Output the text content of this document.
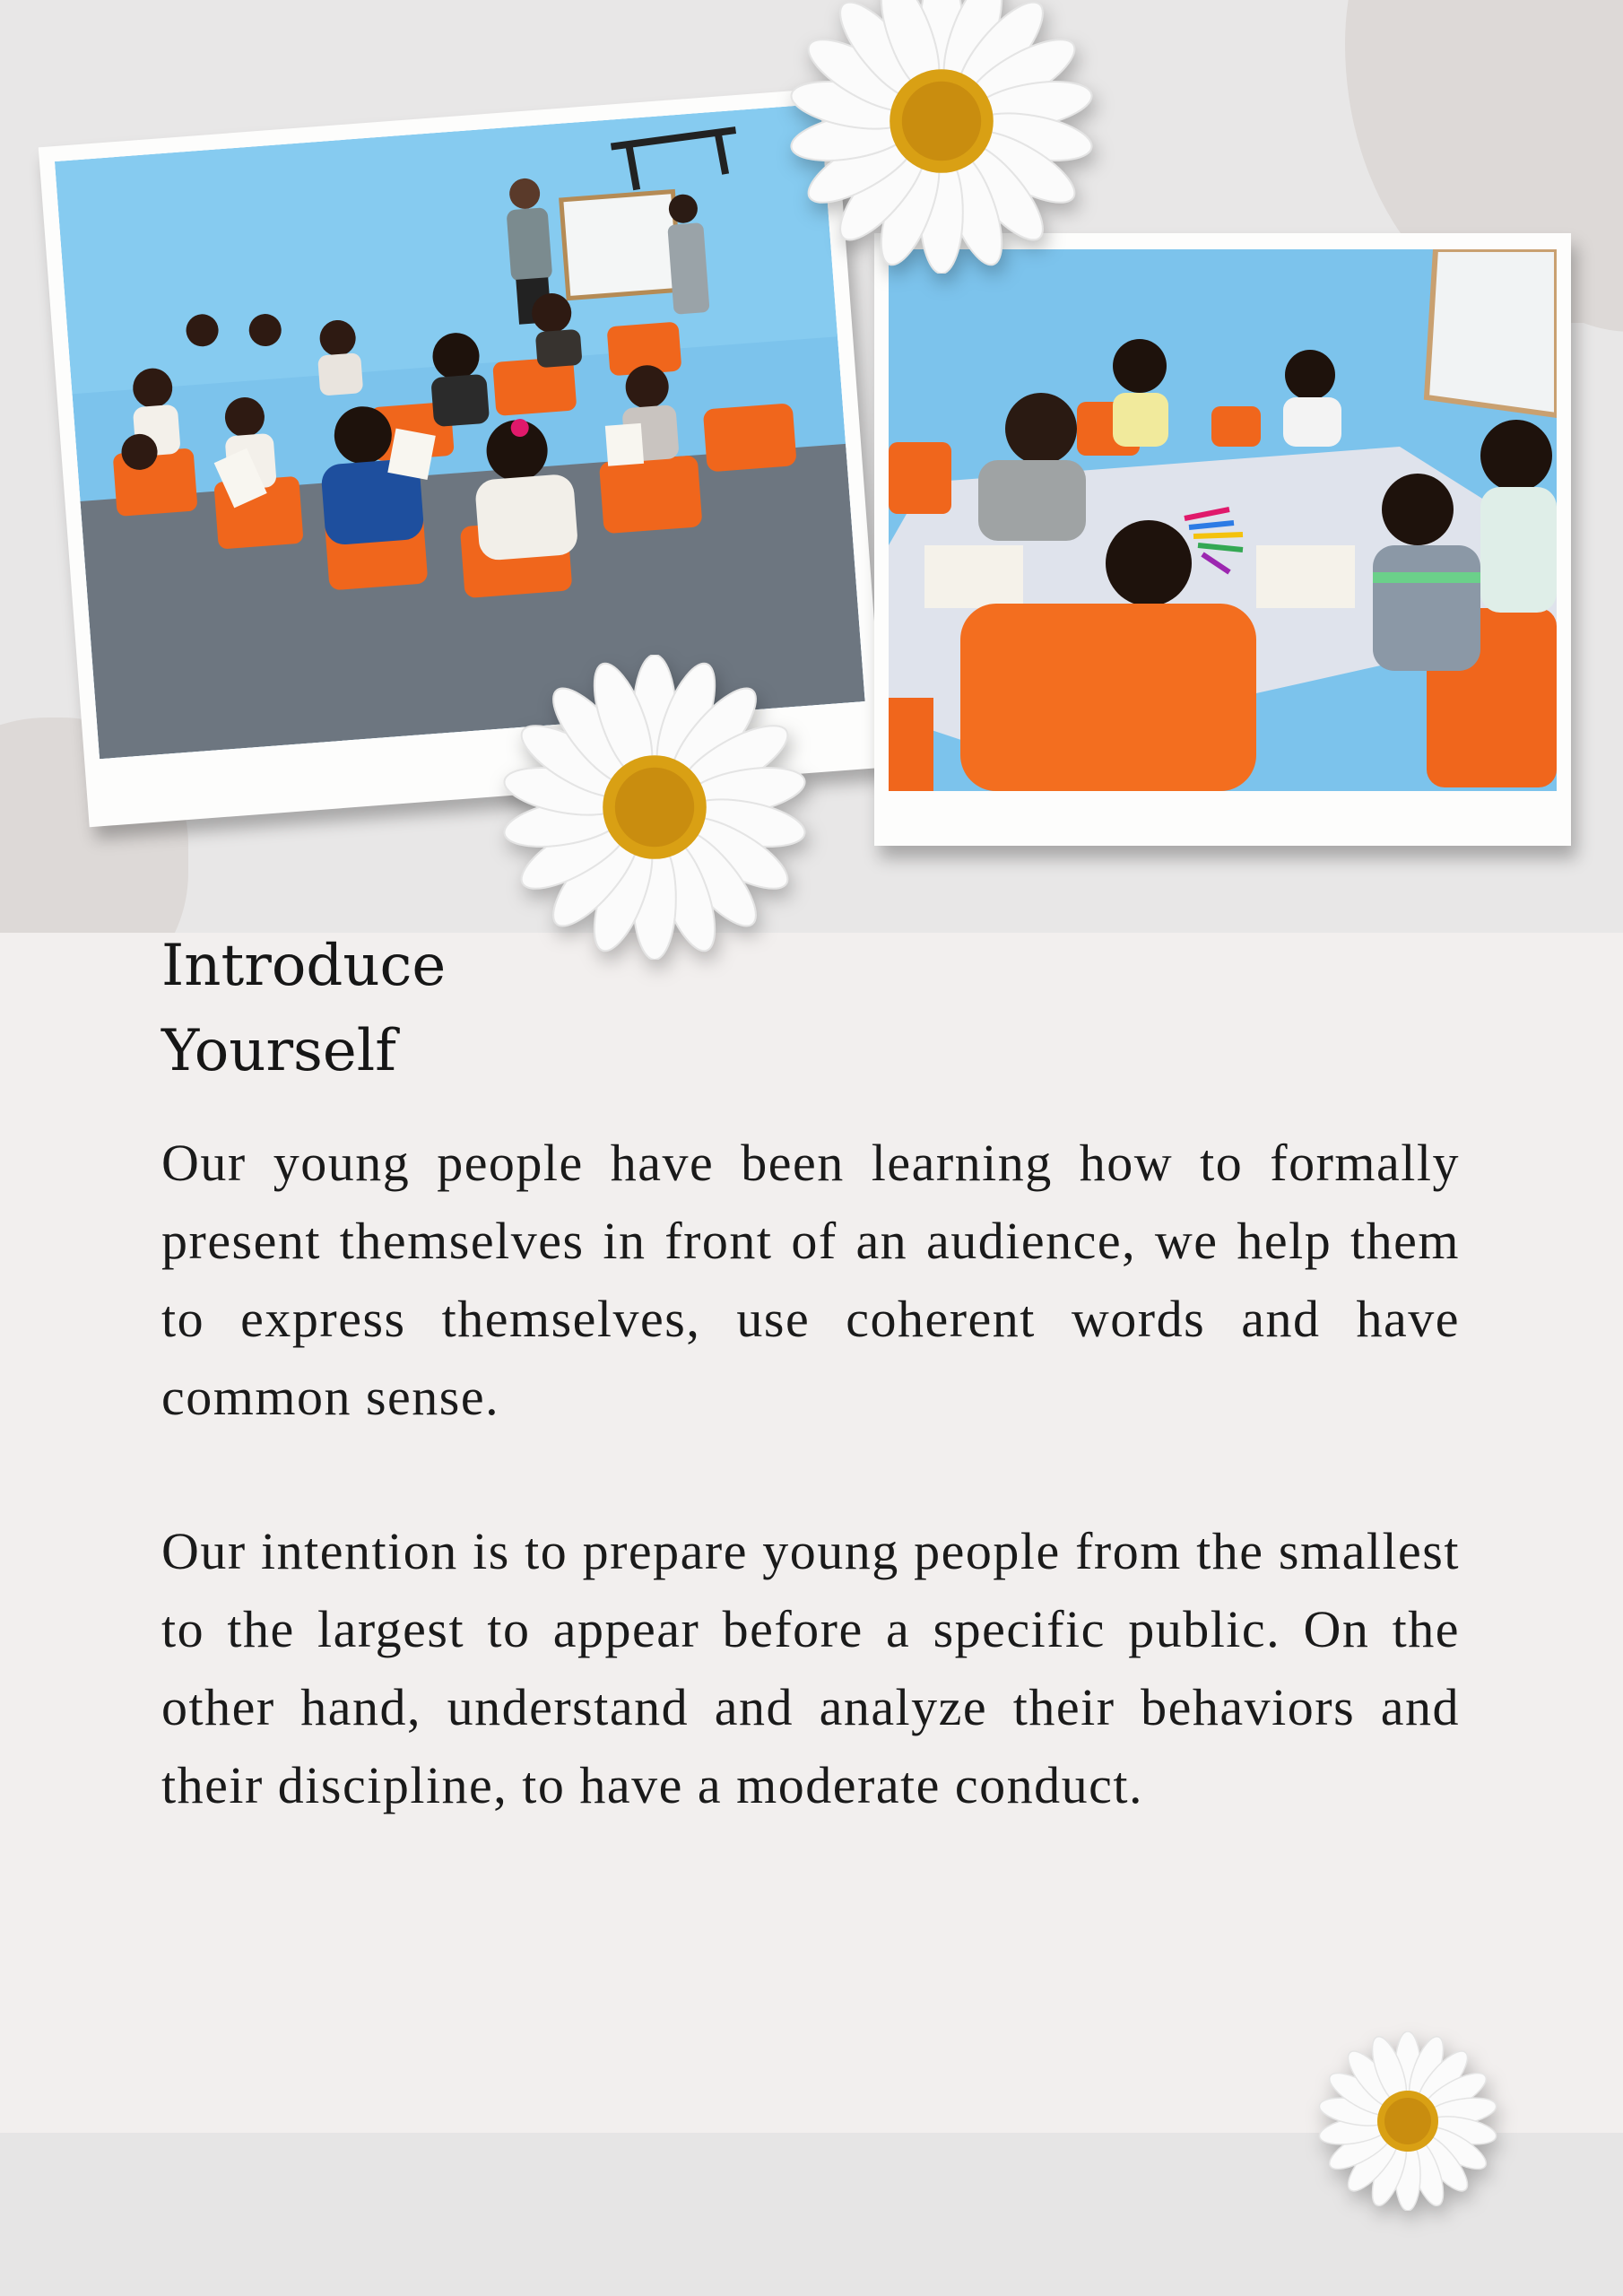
Introduce
Yourself

Our young people have been learning how to formally present themselves in front of an audience, we help them to express themselves, use coherent words and have common sense.

Our intention is to prepare young people from the smallest to the largest to appear before a specific public. On the other hand, understand and analyze their behaviors and their discipline, to have a moderate conduct.
